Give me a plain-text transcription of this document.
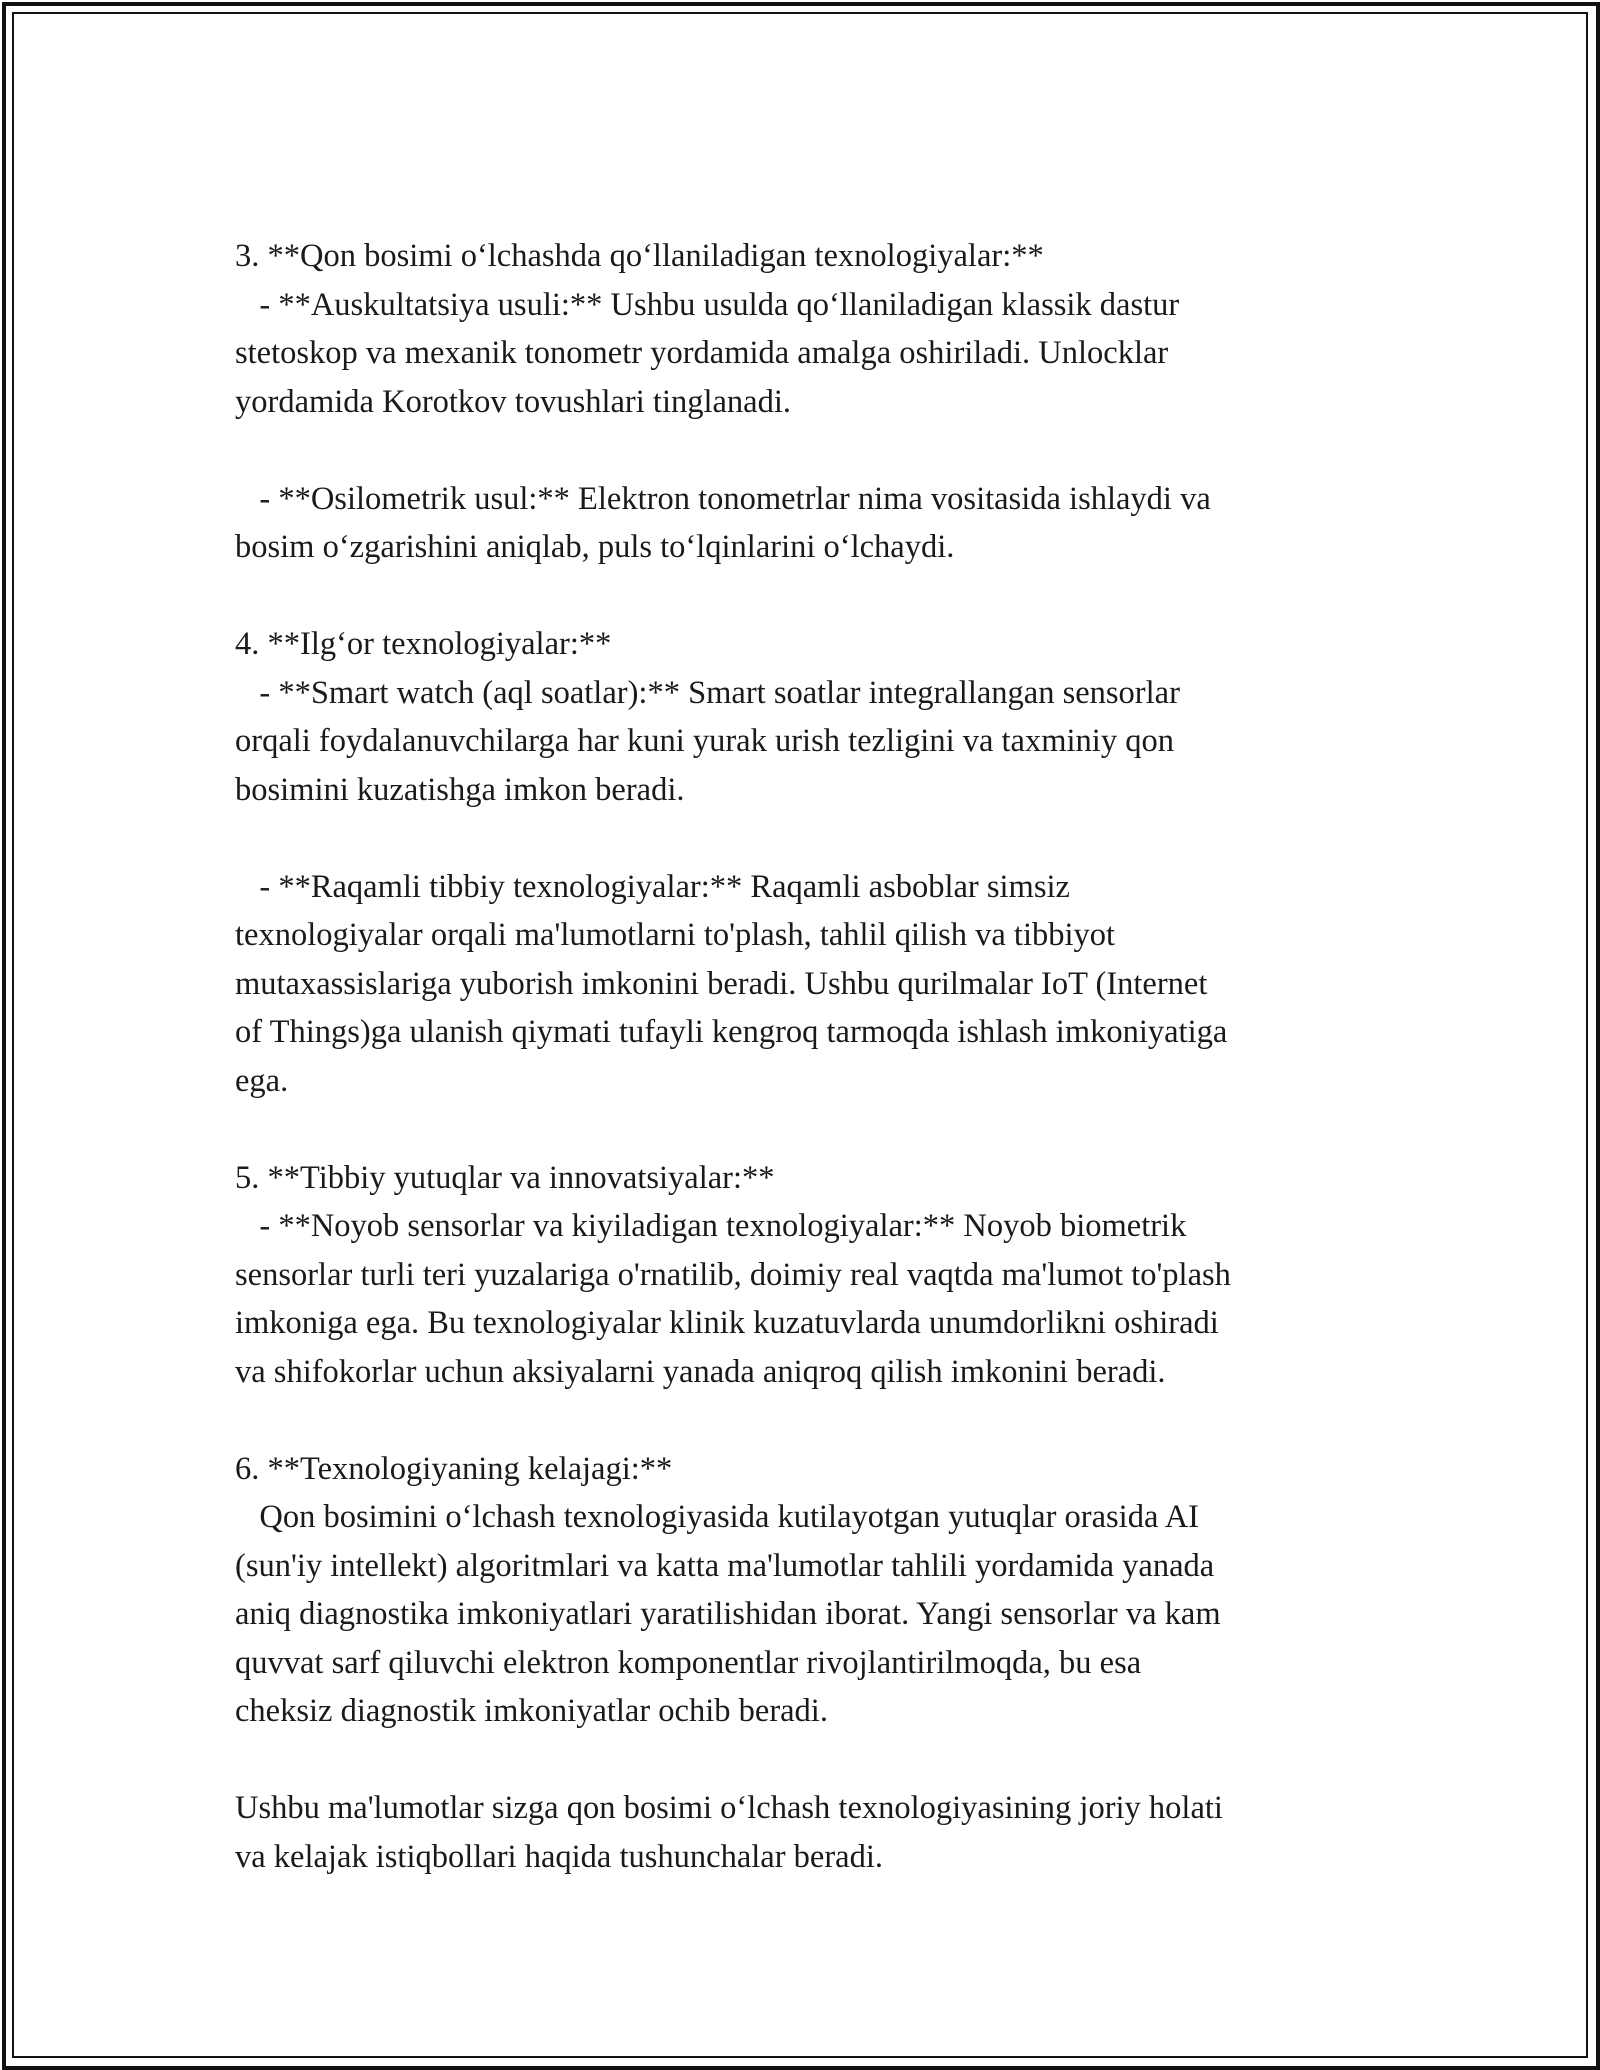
3. **Qon bosimi o‘lchashda qo‘llaniladigan texnologiyalar:**
- **Auskultatsiya usuli:** Ushbu usulda qo‘llaniladigan klassik dastur
stetoskop va mexanik tonometr yordamida amalga oshiriladi. Unlocklar
yordamida Korotkov tovushlari tinglanadi.
- **Osilometrik usul:** Elektron tonometrlar nima vositasida ishlaydi va
bosim o‘zgarishini aniqlab, puls to‘lqinlarini o‘lchaydi.
4. **Ilg‘or texnologiyalar:**
- **Smart watch (aql soatlar):** Smart soatlar integrallangan sensorlar
orqali foydalanuvchilarga har kuni yurak urish tezligini va taxminiy qon
bosimini kuzatishga imkon beradi.
- **Raqamli tibbiy texnologiyalar:** Raqamli asboblar simsiz
texnologiyalar orqali ma'lumotlarni to'plash, tahlil qilish va tibbiyot
mutaxassislariga yuborish imkonini beradi. Ushbu qurilmalar IoT (Internet
of Things)ga ulanish qiymati tufayli kengroq tarmoqda ishlash imkoniyatiga
ega.
5. **Tibbiy yutuqlar va innovatsiyalar:**
- **Noyob sensorlar va kiyiladigan texnologiyalar:** Noyob biometrik
sensorlar turli teri yuzalariga o'rnatilib, doimiy real vaqtda ma'lumot to'plash
imkoniga ega. Bu texnologiyalar klinik kuzatuvlarda unumdorlikni oshiradi
va shifokorlar uchun aksiyalarni yanada aniqroq qilish imkonini beradi.
6. **Texnologiyaning kelajagi:**
Qon bosimini o‘lchash texnologiyasida kutilayotgan yutuqlar orasida AI
(sun'iy intellekt) algoritmlari va katta ma'lumotlar tahlili yordamida yanada
aniq diagnostika imkoniyatlari yaratilishidan iborat. Yangi sensorlar va kam
quvvat sarf qiluvchi elektron komponentlar rivojlantirilmoqda, bu esa
cheksiz diagnostik imkoniyatlar ochib beradi.
Ushbu ma'lumotlar sizga qon bosimi o‘lchash texnologiyasining joriy holati
va kelajak istiqbollari haqida tushunchalar beradi.
